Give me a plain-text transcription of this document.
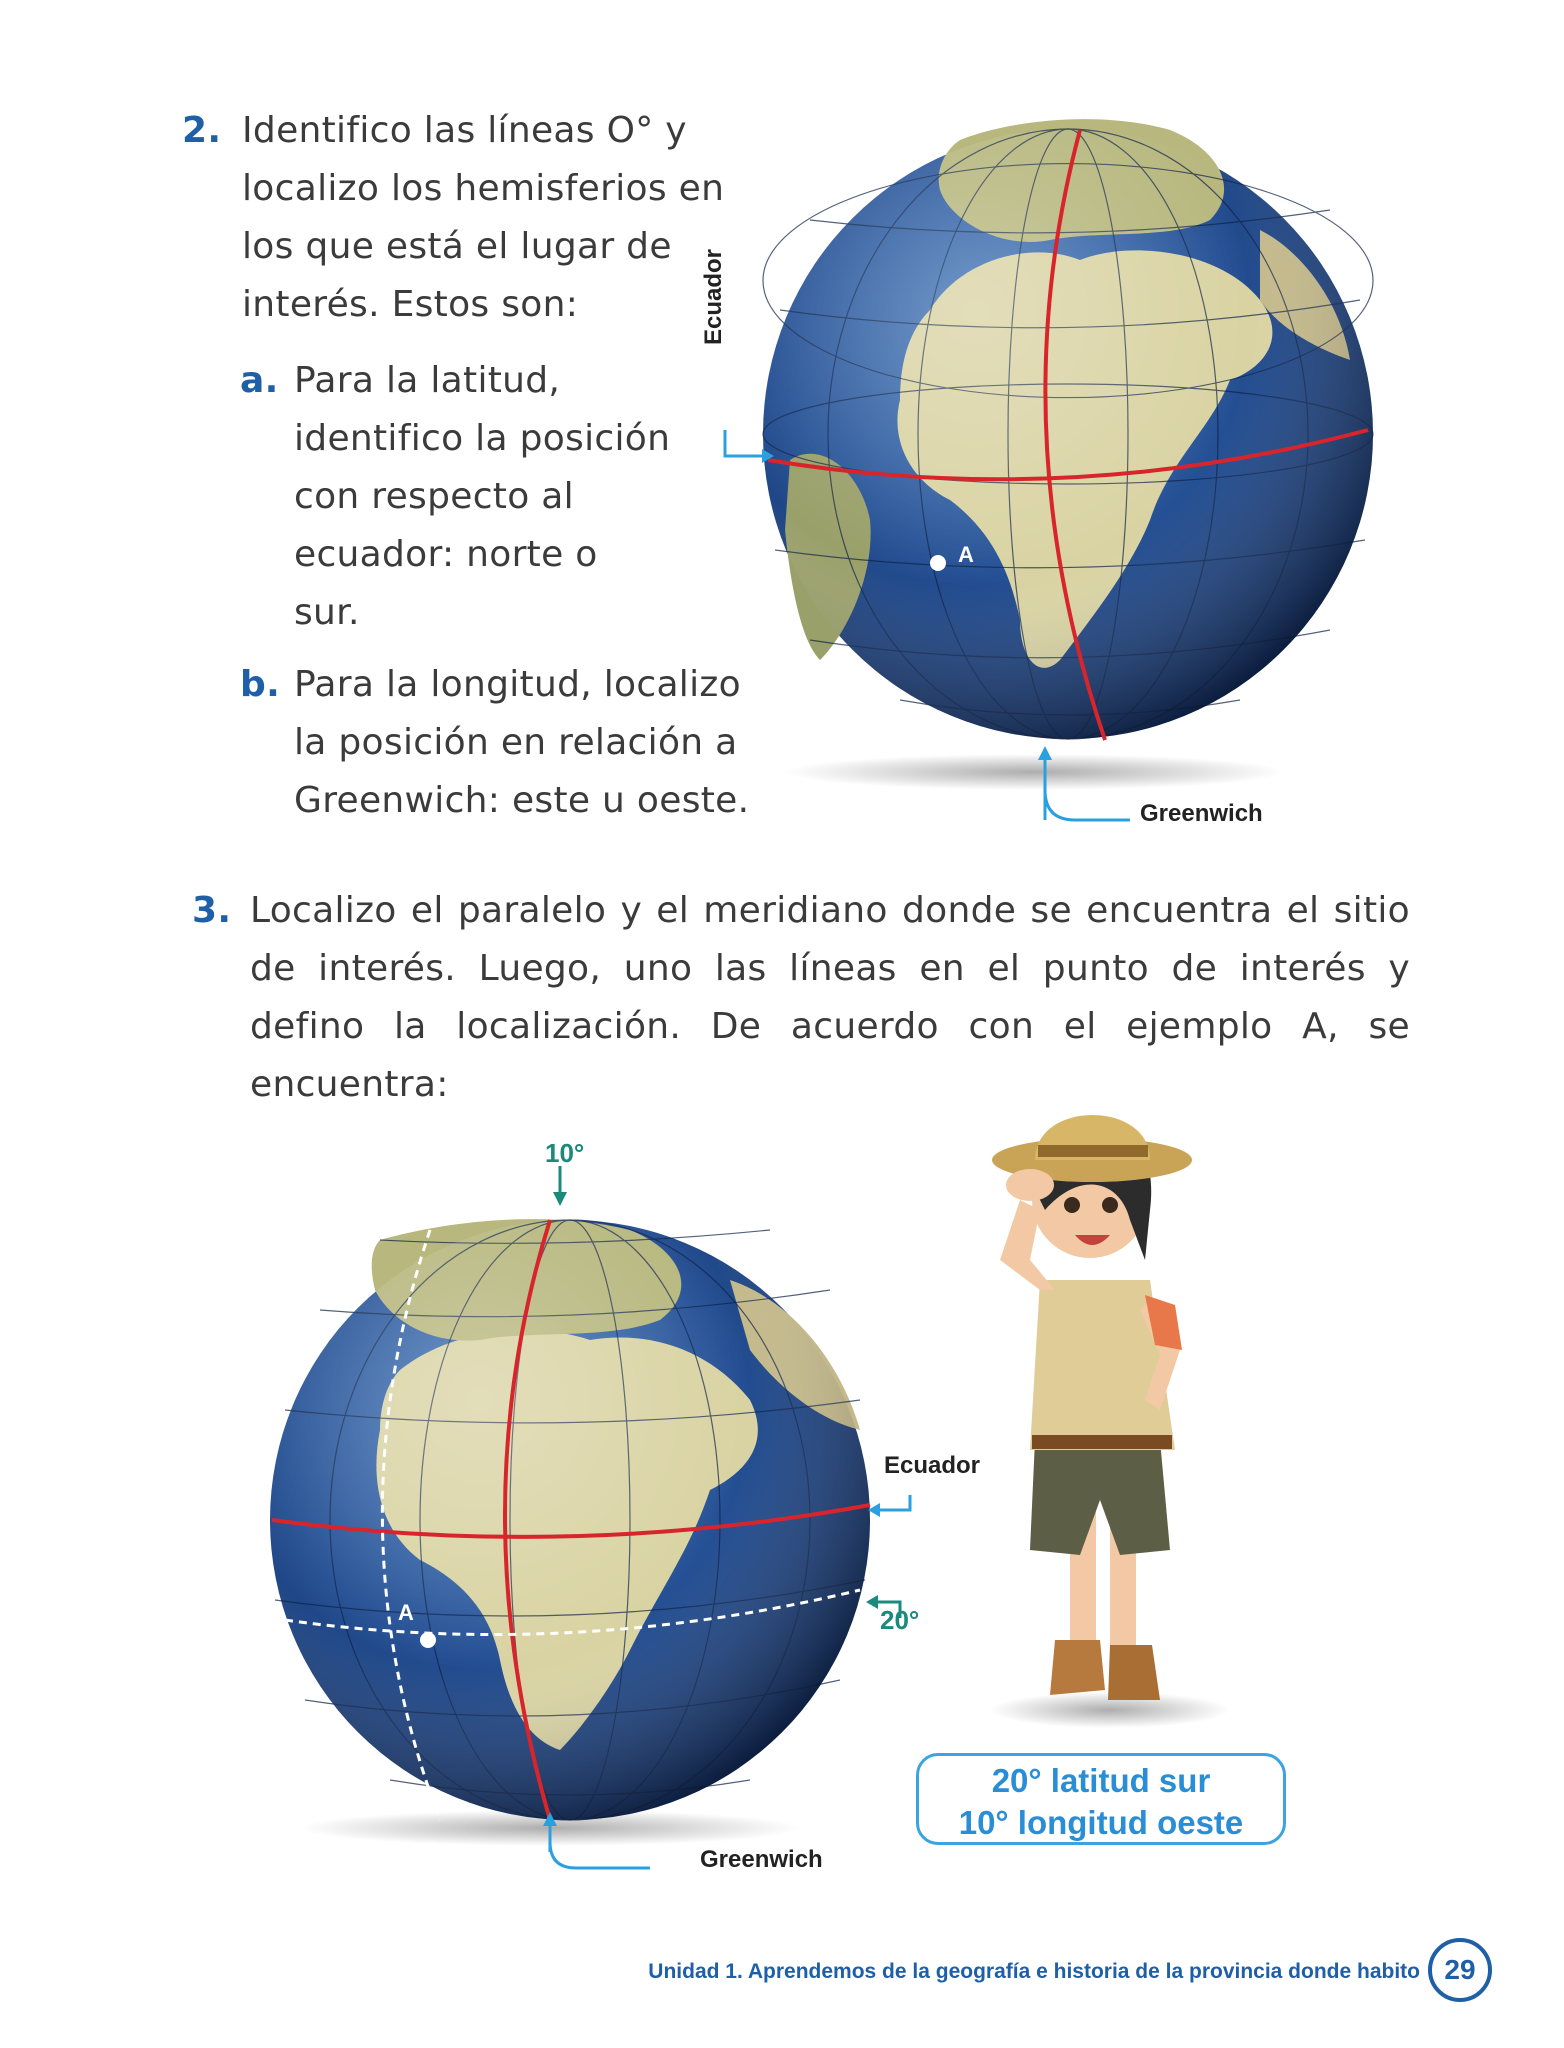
2. Identifico las líneas O° y localizo los hemisferios en los que está el lugar de interés. Estos son:
a. Para la latitud, identifico la posición con respecto al ecuador: norte o sur.
b. Para la longitud, localizo la posición en relación a Greenwich: este u oeste.
A
Ecuador
Greenwich
3. Localizo el paralelo y el meridiano donde se encuentra el sitio de interés. Luego, uno las líneas en el punto de interés y defino la localización. De acuerdo con el ejemplo A, se encuentra:
10°
Ecuador
20°
Greenwich
A
20° latitud sur
10° longitud oeste
Unidad 1. Aprendemos de la geografía e historia de la provincia donde habito 29
